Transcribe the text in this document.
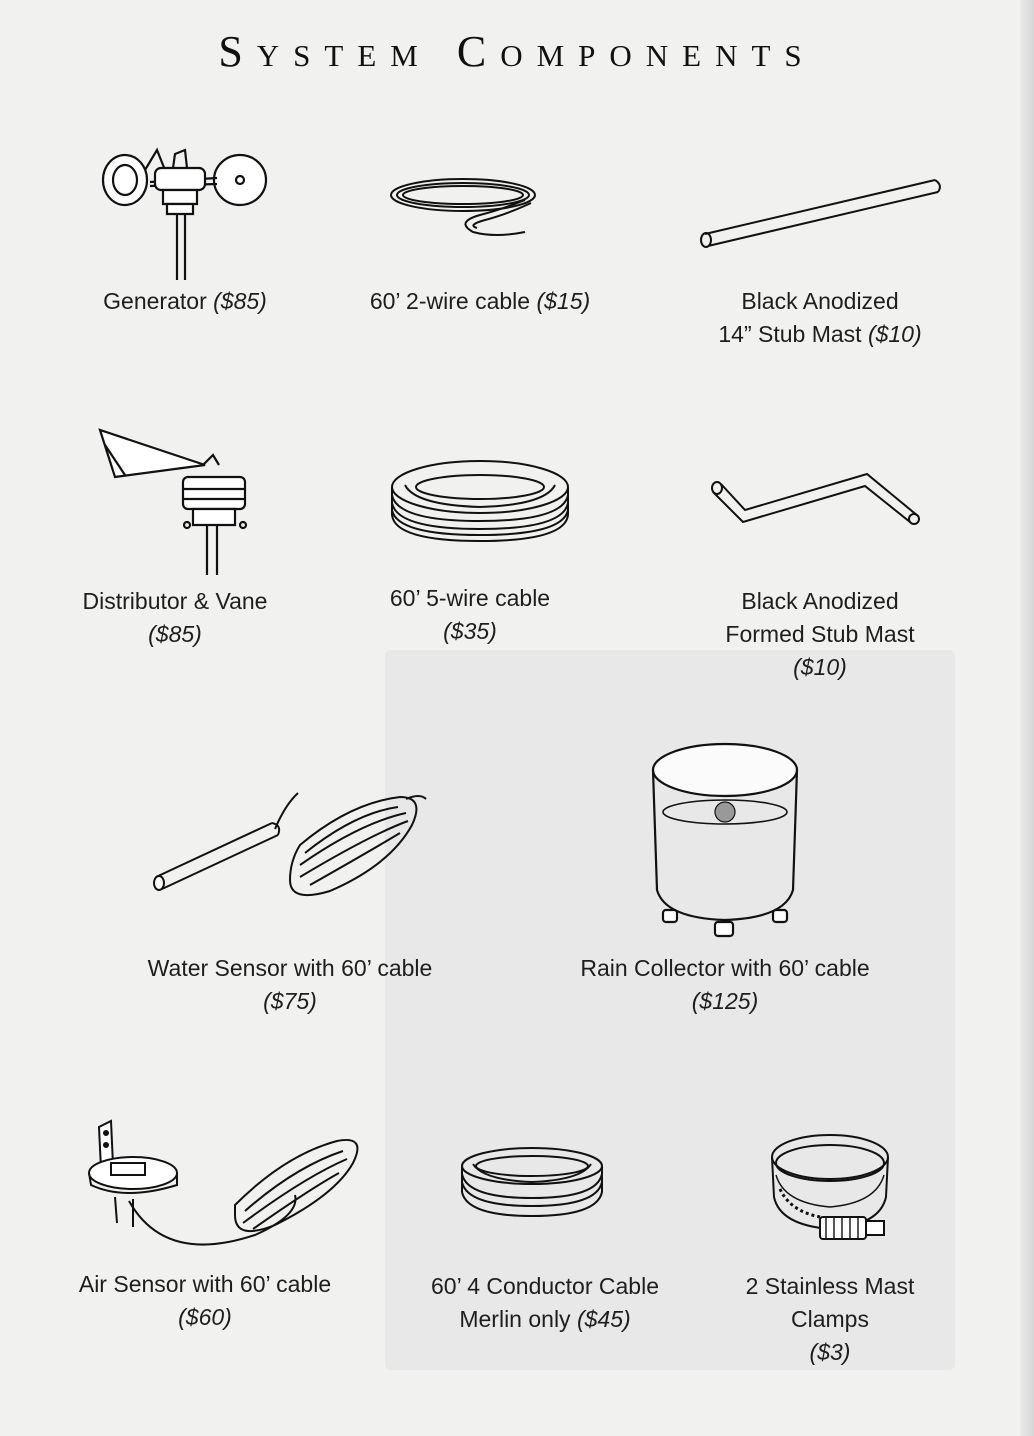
System Components
Generator ($85)	60’ 2-wire cable ($15)	Black Anodized
14” Stub Mast ($10)
Distributor & Vane
($85)
60’ 5-wire cable
($35)
Black Anodized
Formed Stub Mast
($10)
Water Sensor with 60’ cable
($75)
Rain Collector with 60’ cable
($125)
Air Sensor with 60’ cable
($60)
60’ 4 Conductor Cable
Merlin only ($45)
2 Stainless Mast
Clamps
($3)
